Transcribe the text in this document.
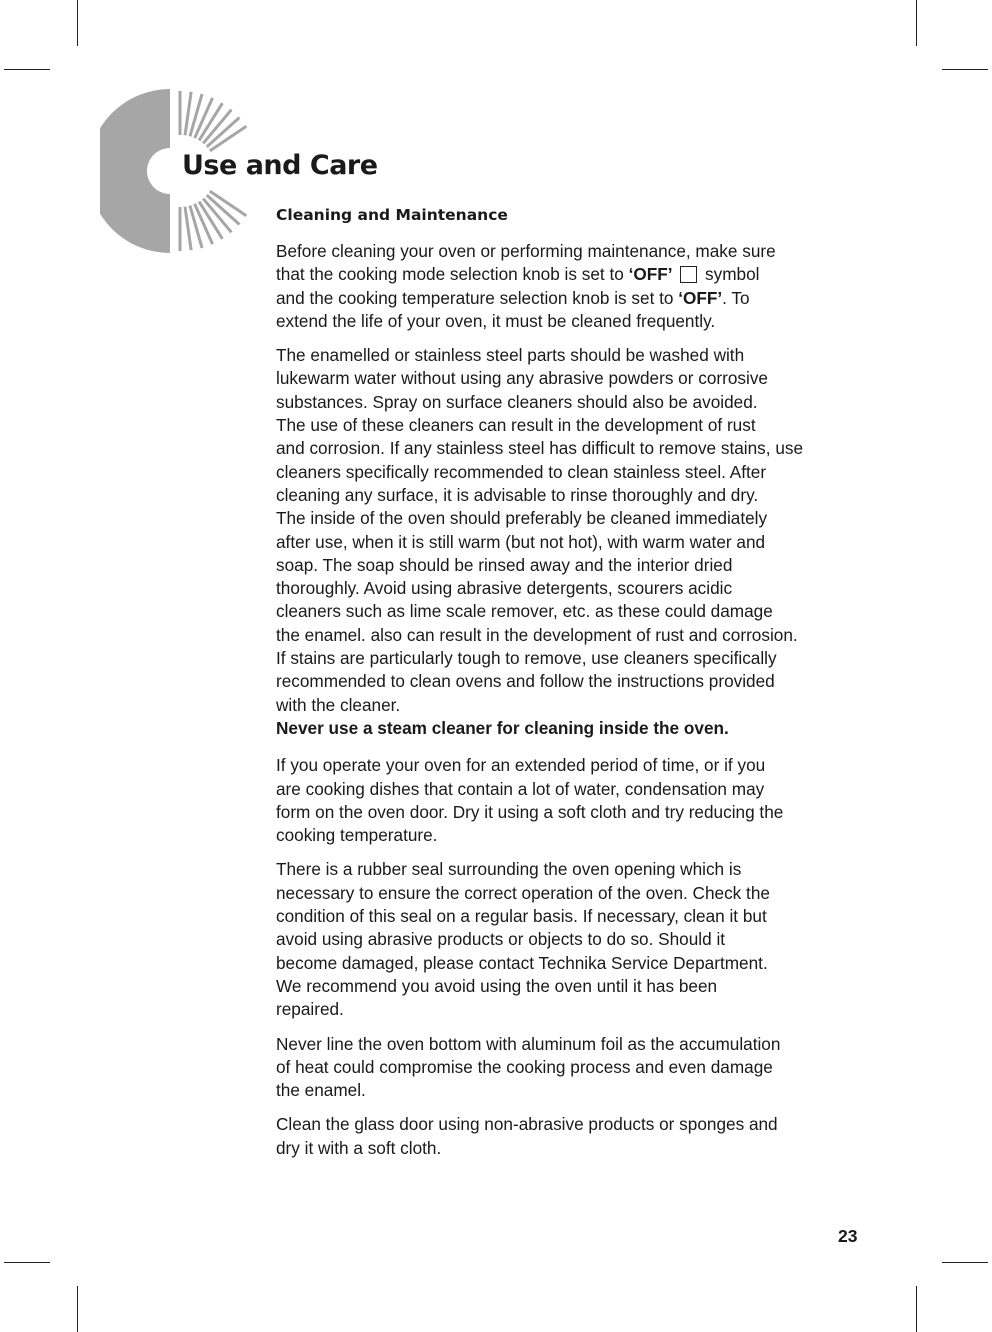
Use and Care
Cleaning and Maintenance

Before cleaning your oven or performing maintenance, make sure
that the cooking mode selection knob is set to ‘OFF’  symbol
and the cooking temperature selection knob is set to ‘OFF’. To
extend the life of your oven, it must be cleaned frequently.

The enamelled or stainless steel parts should be washed with
lukewarm water without using any abrasive powders or corrosive
substances. Spray on surface cleaners should also be avoided.
The use of these cleaners can result in the development of rust
and corrosion. If any stainless steel has difficult to remove stains, use
cleaners specifically recommended to clean stainless steel. After
cleaning any surface, it is advisable to rinse thoroughly and dry.

The inside of the oven should preferably be cleaned immediately
after use, when it is still warm (but not hot), with warm water and
soap. The soap should be rinsed away and the interior dried
thoroughly. Avoid using abrasive detergents, scourers acidic
cleaners such as lime scale remover, etc. as these could damage
the enamel. also can result in the development of rust and corrosion.
If stains are particularly tough to remove, use cleaners specifically
recommended to clean ovens and follow the instructions provided
with the cleaner.

Never use a steam cleaner for cleaning inside the oven.

If you operate your oven for an extended period of time, or if you
are cooking dishes that contain a lot of water, condensation may
form on the oven door. Dry it using a soft cloth and try reducing the
cooking temperature.

There is a rubber seal surrounding the oven opening which is
necessary to ensure the correct operation of the oven. Check the
condition of this seal on a regular basis. If necessary, clean it but
avoid using abrasive products or objects to do so. Should it
become damaged, please contact Technika Service Department.
We recommend you avoid using the oven until it has been
repaired.

Never line the oven bottom with aluminum foil as the accumulation
of heat could compromise the cooking process and even damage
the enamel.

Clean the glass door using non-abrasive products or sponges and
dry it with a soft cloth.

23
